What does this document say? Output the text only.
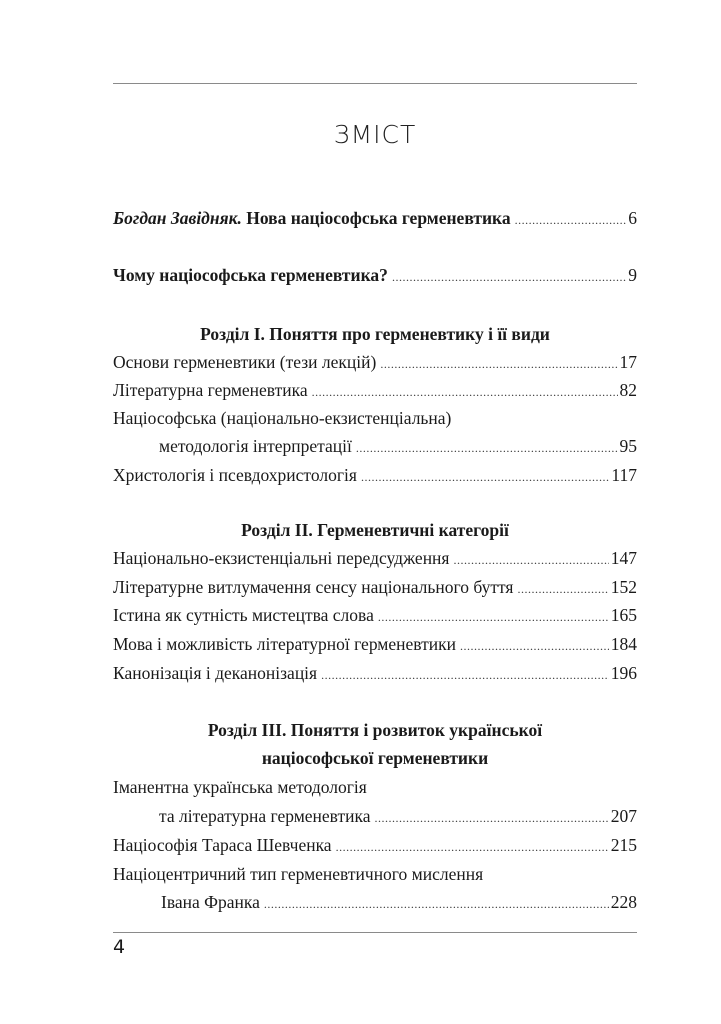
ЗМІСТ
Богдан Завідняк. Нова націософська герменевтика .....	6
Чому націософська герменевтика? .....	9
Розділ I. Поняття про герменевтику і її види
Основи герменевтики (тези лекцій) .....	17
Літературна герменевтика .....	82
Націософська (національно-екзистенціальна)
методологія інтерпретації .....	95
Христологія і псевдохристологія .....	117
Розділ II. Герменевтичні категорії
Національно-екзистенціальні передсудження .....	147
Літературне витлумачення сенсу національного буття .....	152
Істина як сутність мистецтва слова .....	165
Мова і можливість літературної герменевтики .....	184
Канонізація і деканонізація .....	196
Розділ III. Поняття і розвиток української
націософської герменевтики
Іманентна українська методологія
та літературна герменевтика .....	207
Націософія Тараса Шевченка .....	215
Націоцентричний тип герменевтичного мислення
Івана Франка .....	228
4
